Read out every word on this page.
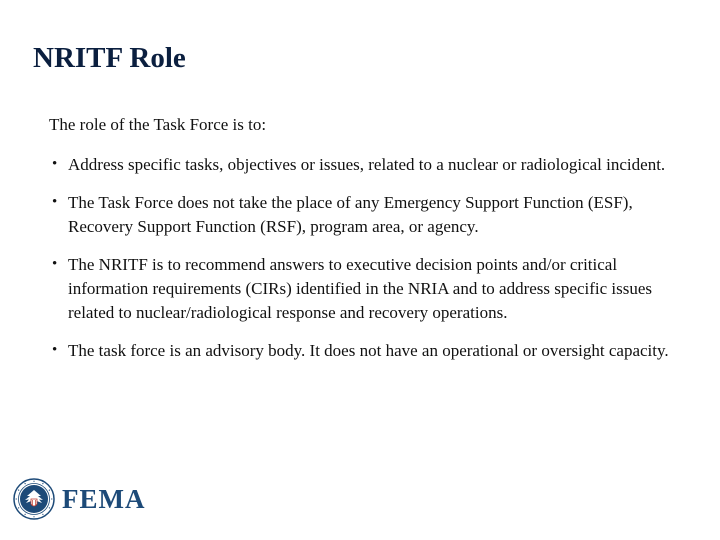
NRITF Role

The role of the Task Force is to:

• Address specific tasks, objectives or issues, related to a nuclear or radiological incident.
• The Task Force does not take the place of any Emergency Support Function (ESF), Recovery Support Function (RSF), program area, or agency.
• The NRITF is to recommend answers to executive decision points and/or critical information requirements (CIRs) identified in the NRIA and to address specific issues related to nuclear/radiological response and recovery operations.
• The task force is an advisory body. It does not have an operational or oversight capacity.
FEMA
